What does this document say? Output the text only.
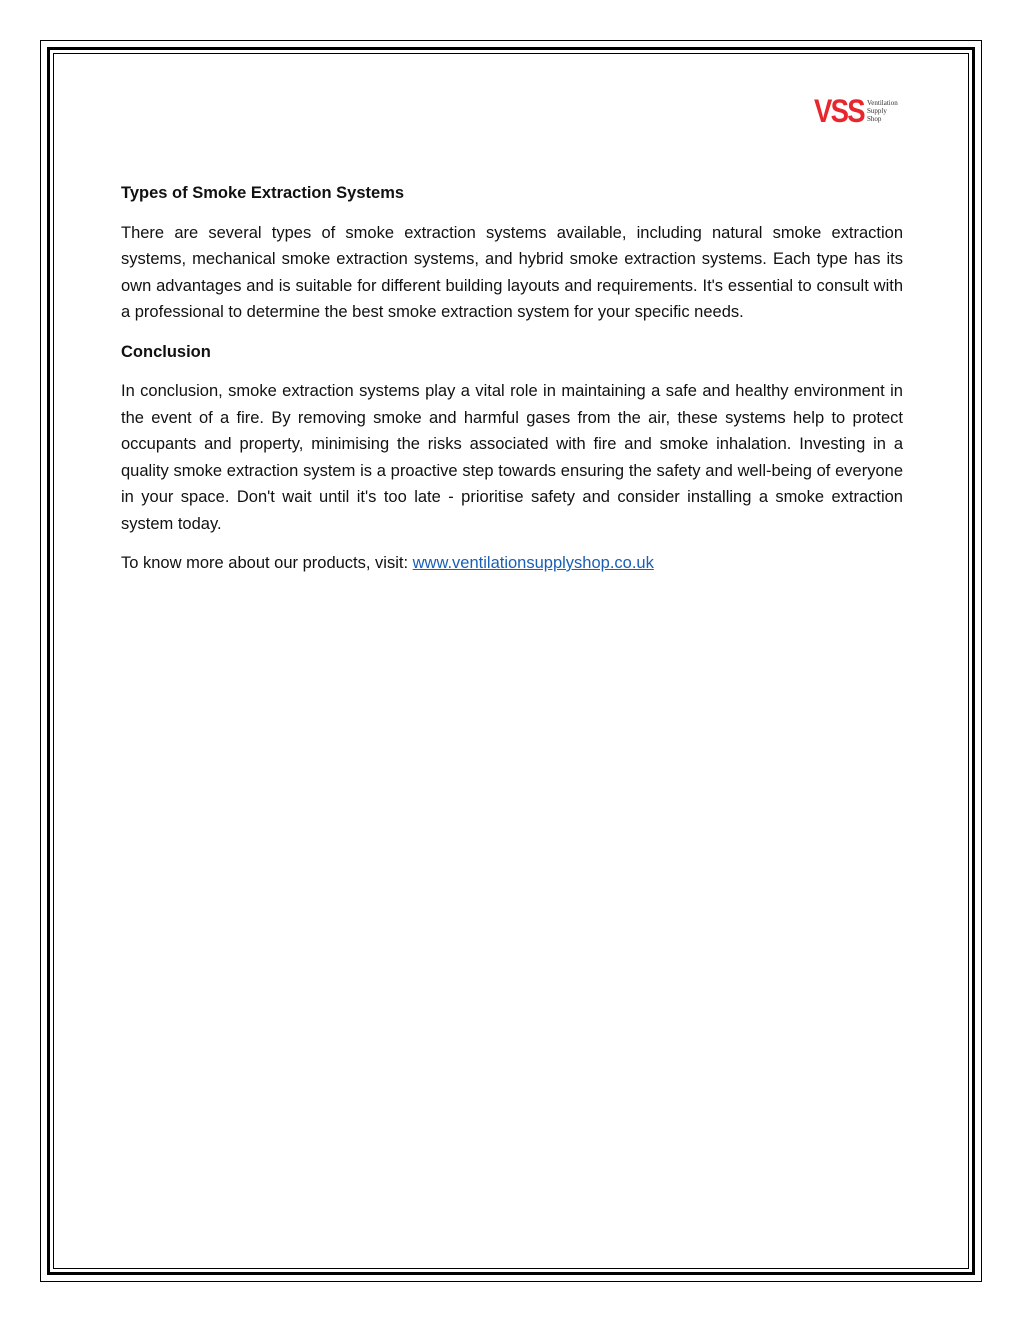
VSS Ventilation
Supply
Shop
Types of Smoke Extraction Systems

There are several types of smoke extraction systems available, including natural smoke extraction systems, mechanical smoke extraction systems, and hybrid smoke extraction systems. Each type has its own advantages and is suitable for different building layouts and requirements. It's essential to consult with a professional to determine the best smoke extraction system for your specific needs.

Conclusion

In conclusion, smoke extraction systems play a vital role in maintaining a safe and healthy environment in the event of a fire. By removing smoke and harmful gases from the air, these systems help to protect occupants and property, minimising the risks associated with fire and smoke inhalation. Investing in a quality smoke extraction system is a proactive step towards ensuring the safety and well-being of everyone in your space. Don't wait until it's too late - prioritise safety and consider installing a smoke extraction system today.

To know more about our products, visit: www.ventilationsupplyshop.co.uk
